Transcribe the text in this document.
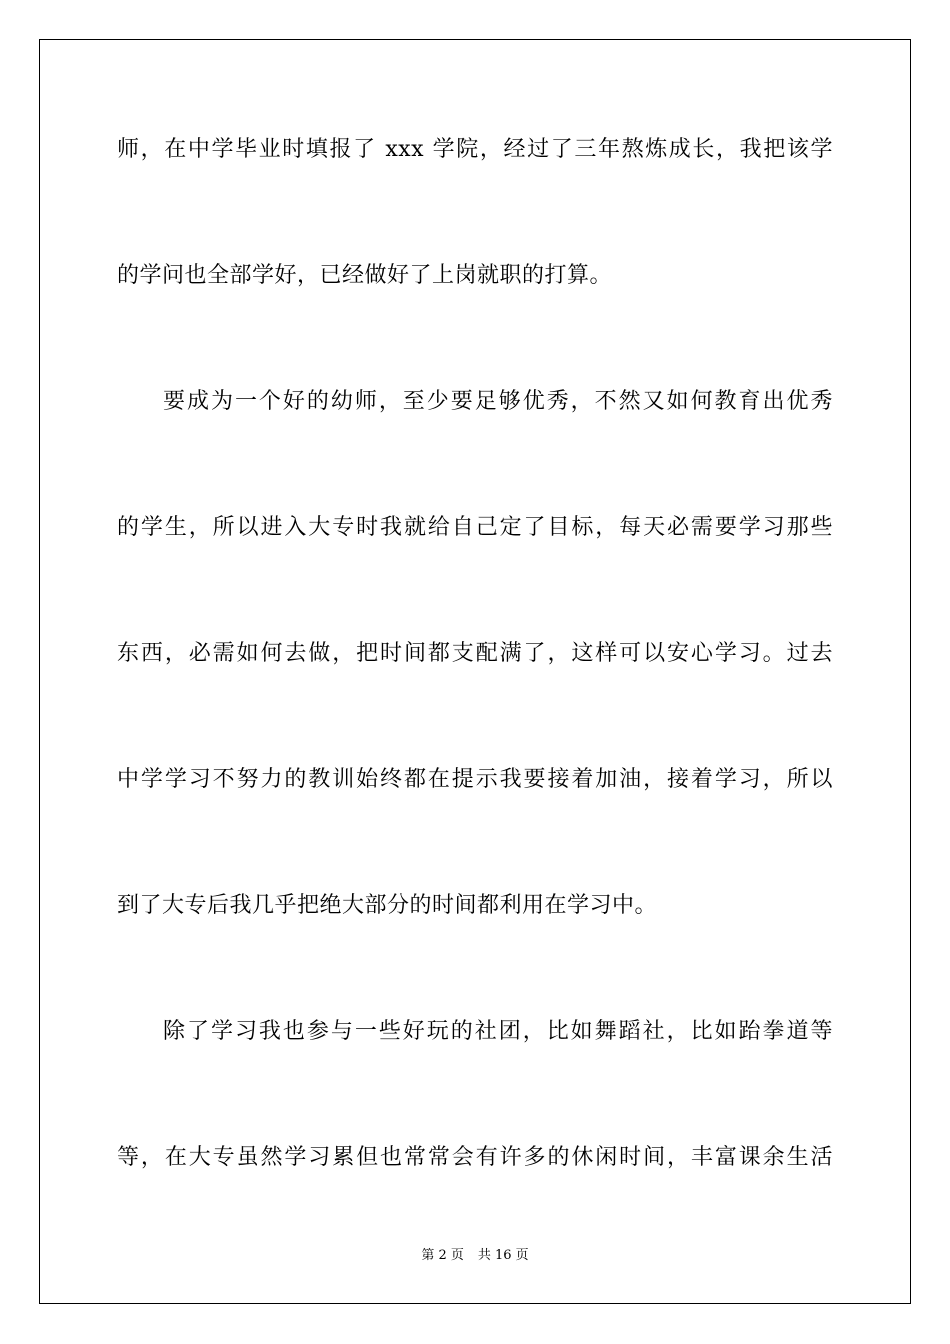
师，在中学毕业时填报了 xxx 学院，经过了三年熬炼成长，我把该学
的学问也全部学好，已经做好了上岗就职的打算。
要成为一个好的幼师，至少要足够优秀，不然又如何教育出优秀
的学生，所以进入大专时我就给自己定了目标，每天必需要学习那些
东西，必需如何去做，把时间都支配满了，这样可以安心学习。过去
中学学习不努力的教训始终都在提示我要接着加油，接着学习，所以
到了大专后我几乎把绝大部分的时间都利用在学习中。
除了学习我也参与一些好玩的社团，比如舞蹈社，比如跆拳道等
等，在大专虽然学习累但也常常会有许多的休闲时间，丰富课余生活
第 2 页 共 16 页
